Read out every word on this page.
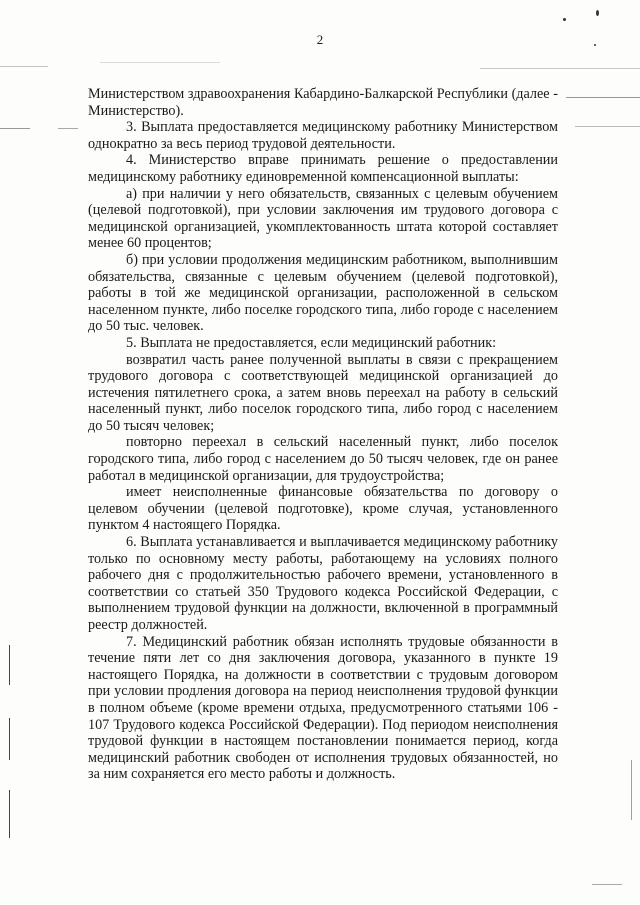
2

Министерством здравоохранения Кабардино-Балкарской Республики (далее - Министерство).

3. Выплата предоставляется медицинскому работнику Министерством однократно за весь период трудовой деятельности.

4. Министерство вправе принимать решение о предоставлении медицинскому работнику единовременной компенсационной выплаты:

а) при наличии у него обязательств, связанных с целевым обучением (целевой подготовкой), при условии заключения им трудового договора с медицинской организацией, укомплектованность штата которой составляет менее 60 процентов;

б) при условии продолжения медицинским работником, выполнившим обязательства, связанные с целевым обучением (целевой подготовкой), работы в той же медицинской организации, расположенной в сельском населенном пункте, либо поселке городского типа, либо городе с населением до 50 тыс. человек.

5. Выплата не предоставляется, если медицинский работник:

возвратил часть ранее полученной выплаты в связи с прекращением трудового договора с соответствующей медицинской организацией до истечения пятилетнего срока, а затем вновь переехал на работу в сельский населенный пункт, либо поселок городского типа, либо город с населением до 50 тысяч человек;

повторно переехал в сельский населенный пункт, либо поселок городского типа, либо город с населением до 50 тысяч человек, где он ранее работал в медицинской организации, для трудоустройства;

имеет неисполненные финансовые обязательства по договору о целевом обучении (целевой подготовке), кроме случая, установленного пунктом 4 настоящего Порядка.

6. Выплата устанавливается и выплачивается медицинскому работнику только по основному месту работы, работающему на условиях полного рабочего дня с продолжительностью рабочего времени, установленного в соответствии со статьей 350 Трудового кодекса Российской Федерации, с выполнением трудовой функции на должности, включенной в программный реестр должностей.

7. Медицинский работник обязан исполнять трудовые обязанности в течение пяти лет со дня заключения договора, указанного в пункте 19 настоящего Порядка, на должности в соответствии с трудовым договором при условии продления договора на период неисполнения трудовой функции в полном объеме (кроме времени отдыха, предусмотренного статьями 106 - 107 Трудового кодекса Российской Федерации). Под периодом неисполнения трудовой функции в настоящем постановлении понимается период, когда медицинский работник свободен от исполнения трудовых обязанностей, но за ним сохраняется его место работы и должность.
